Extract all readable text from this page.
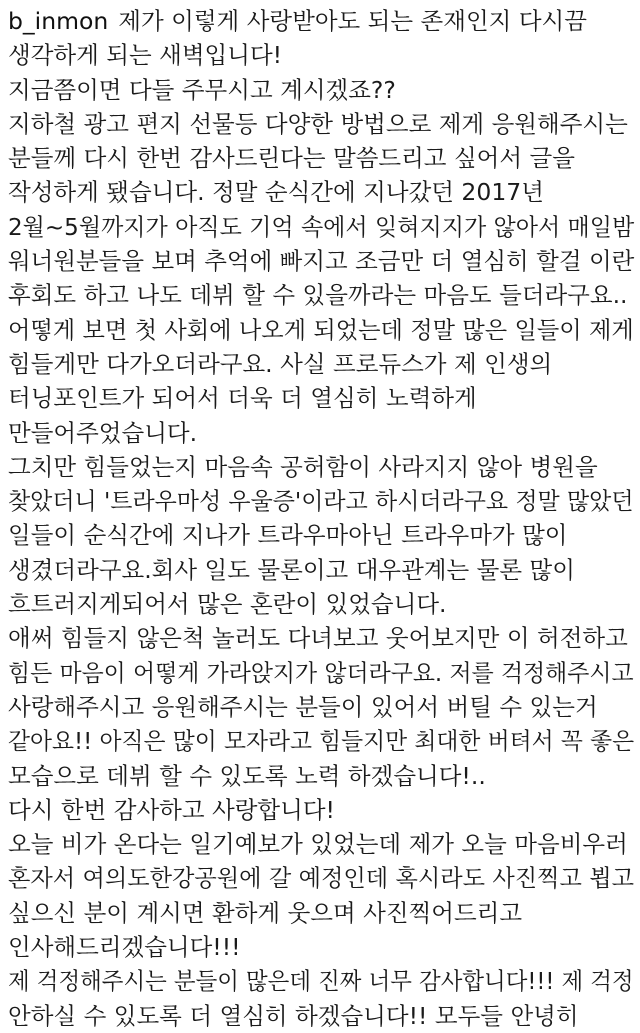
b_inmon 제가 이렇게 사랑받아도 되는 존재인지 다시끔
생각하게 되는 새벽입니다!
지금쯤이면 다들 주무시고 계시겠죠??
지하철 광고 편지 선물등 다양한 방법으로 제게 응원해주시는
분들께 다시 한번 감사드린다는 말씀드리고 싶어서 글을
작성하게 됐습니다. 정말 순식간에 지나갔던 2017년
2월~5월까지가 아직도 기억 속에서 잊혀지지가 않아서 매일밤
워너원분들을 보며 추억에 빠지고 조금만 더 열심히 할걸 이란
후회도 하고 나도 데뷔 할 수 있을까라는 마음도 들더라구요..
어떻게 보면 첫 사회에 나오게 되었는데 정말 많은 일들이 제게
힘들게만 다가오더라구요. 사실 프로듀스가 제 인생의
터닝포인트가 되어서 더욱 더 열심히 노력하게
만들어주었습니다.
그치만 힘들었는지 마음속 공허함이 사라지지 않아 병원을
찾았더니 '트라우마성 우울증'이라고 하시더라구요 정말 많았던
일들이 순식간에 지나가 트라우마아닌 트라우마가 많이
생겼더라구요.회사 일도 물론이고 대우관계는 물론 많이
흐트러지게되어서 많은 혼란이 있었습니다.
애써 힘들지 않은척 놀러도 다녀보고 웃어보지만 이 허전하고
힘든 마음이 어떻게 가라앉지가 않더라구요. 저를 걱정해주시고
사랑해주시고 응원해주시는 분들이 있어서 버틸 수 있는거
같아요!! 아직은 많이 모자라고 힘들지만 최대한 버텨서 꼭 좋은
모습으로 데뷔 할 수 있도록 노력 하겠습니다!..
다시 한번 감사하고 사랑합니다!
오늘 비가 온다는 일기예보가 있었는데 제가 오늘 마음비우러
혼자서 여의도한강공원에 갈 예정인데 혹시라도 사진찍고 뵙고
싶으신 분이 계시면 환하게 웃으며 사진찍어드리고
인사해드리겠습니다!!!
제 걱정해주시는 분들이 많은데 진짜 너무 감사합니다!!! 제 걱정
안하실 수 있도록 더 열심히 하겠습니다!! 모두들 안녕히
